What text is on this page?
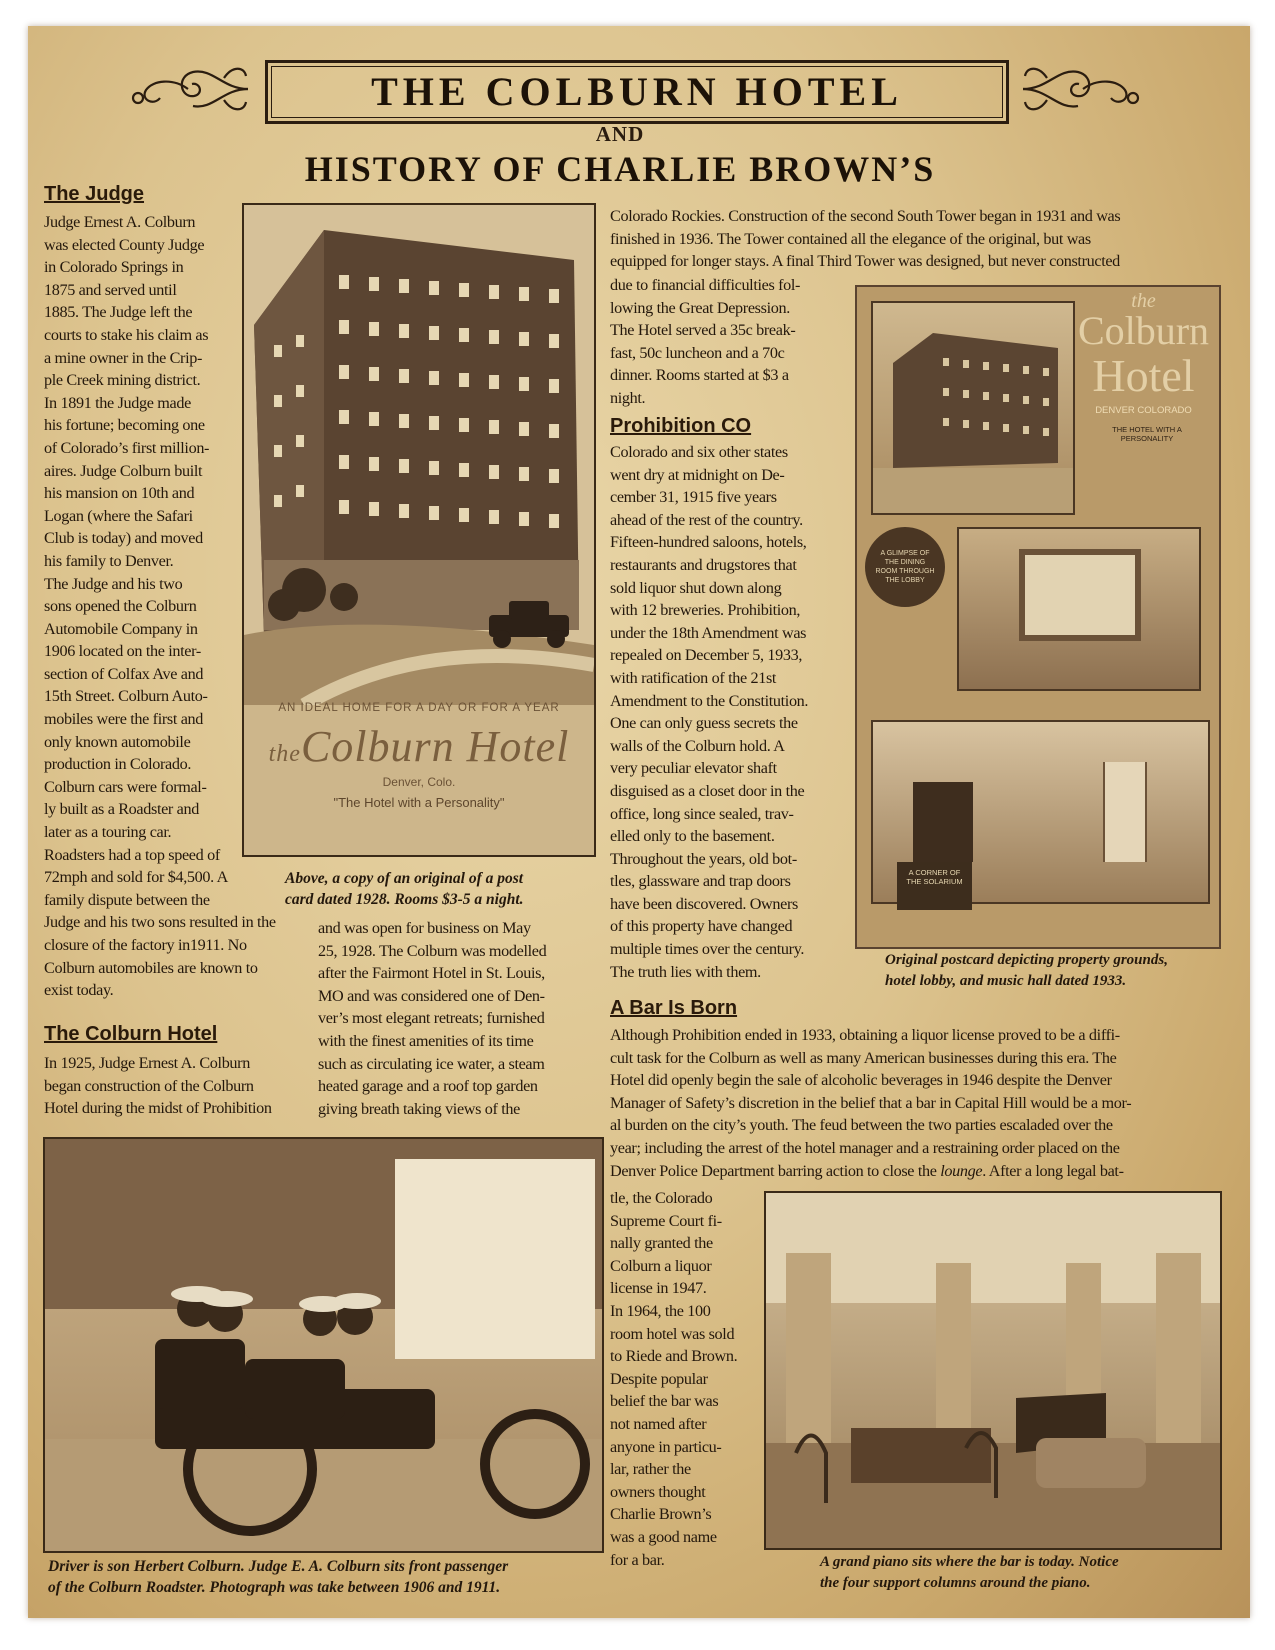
THE COLBURN HOTEL
AND
HISTORY OF CHARLIE BROWN’S
The Judge
Judge Ernest A. Colburn
was elected County Judge
in Colorado Springs in
1875 and served until
1885. The Judge left the
courts to stake his claim as
a mine owner in the Crip-
ple Creek mining district.
In 1891 the Judge made
his fortune; becoming one
of Colorado’s first million-
aires. Judge Colburn built
his mansion on 10th and
Logan (where the Safari
Club is today) and moved
his family to Denver.
The Judge and his two
sons opened the Colburn
Automobile Company in
1906 located on the inter-
section of Colfax Ave and
15th Street. Colburn Auto-
mobiles were the first and
only known automobile
production in Colorado.
Colburn cars were formal-
ly built as a Roadster and
later as a touring car.
Roadsters had a top speed of
72mph and sold for $4,500. A
family dispute between the
Judge and his two sons resulted in the
closure of the factory in1911. No
Colburn automobiles are known to
exist today.
The Colburn Hotel
In 1925, Judge Ernest A. Colburn
began construction of the Colburn
Hotel during the midst of Prohibition
AN IDEAL HOME FOR A DAY OR FOR A YEAR
theColburn Hotel
Denver, Colo.
"The Hotel with a Personality"
Above, a copy of an original of a post
card dated 1928. Rooms $3-5 a night.
and was open for business on May
25, 1928. The Colburn was modelled
after the Fairmont Hotel in St. Louis,
MO and was considered one of Den-
ver’s most elegant retreats; furnished
with the finest amenities of its time
such as circulating ice water, a steam
heated garage and a roof top garden
giving breath taking views of the
Colorado Rockies. Construction of the second South Tower began in 1931 and was
finished in 1936. The Tower contained all the elegance of the original, but was
equipped for longer stays. A final Third Tower was designed, but never constructed
due to financial difficulties fol-
lowing the Great Depression.
The Hotel served a 35c break-
fast, 50c luncheon and a 70c
dinner. Rooms started at $3 a
night.
Prohibition CO
Colorado and six other states
went dry at midnight on De-
cember 31, 1915 five years
ahead of the rest of the country.
Fifteen-hundred saloons, hotels,
restaurants and drugstores that
sold liquor shut down along
with 12 breweries. Prohibition,
under the 18th Amendment was
repealed on December 5, 1933,
with ratification of the 21st
Amendment to the Constitution.
One can only guess secrets the
walls of the Colburn hold. A
very peculiar elevator shaft
disguised as a closet door in the
office, long since sealed, trav-
elled only to the basement.
Throughout the years, old bot-
tles, glassware and trap doors
have been discovered. Owners
of this property have changed
multiple times over the century.
The truth lies with them.
the
Colburn
Hotel
DENVER COLORADO
THE HOTEL WITH A PERSONALITY
A GLIMPSE OF THE DINING ROOM THROUGH THE LOBBY
A CORNER OF THE SOLARIUM
Original postcard depicting property grounds,
hotel lobby, and music hall dated 1933.
A Bar Is Born
Although Prohibition ended in 1933, obtaining a liquor license proved to be a diffi-
cult task for the Colburn as well as many American businesses during this era. The
Hotel did openly begin the sale of alcoholic beverages in 1946 despite the Denver
Manager of Safety’s discretion in the belief that a bar in Capital Hill would be a mor-
al burden on the city’s youth. The feud between the two parties escaladed over the
year; including the arrest of the hotel manager and a restraining order placed on the
Denver Police Department barring action to close the lounge. After a long legal bat-
tle, the Colorado
Supreme Court fi-
nally granted the
Colburn a liquor
license in 1947.
In 1964, the 100
room hotel was sold
to Riede and Brown.
Despite popular
belief the bar was
not named after
anyone in particu-
lar, rather the
owners thought
Charlie Brown’s
was a good name
for a bar.
Driver is son Herbert Colburn. Judge E. A. Colburn sits front passenger
of the Colburn Roadster. Photograph was take between 1906 and 1911.
A grand piano sits where the bar is today. Notice
the four support columns around the piano.
